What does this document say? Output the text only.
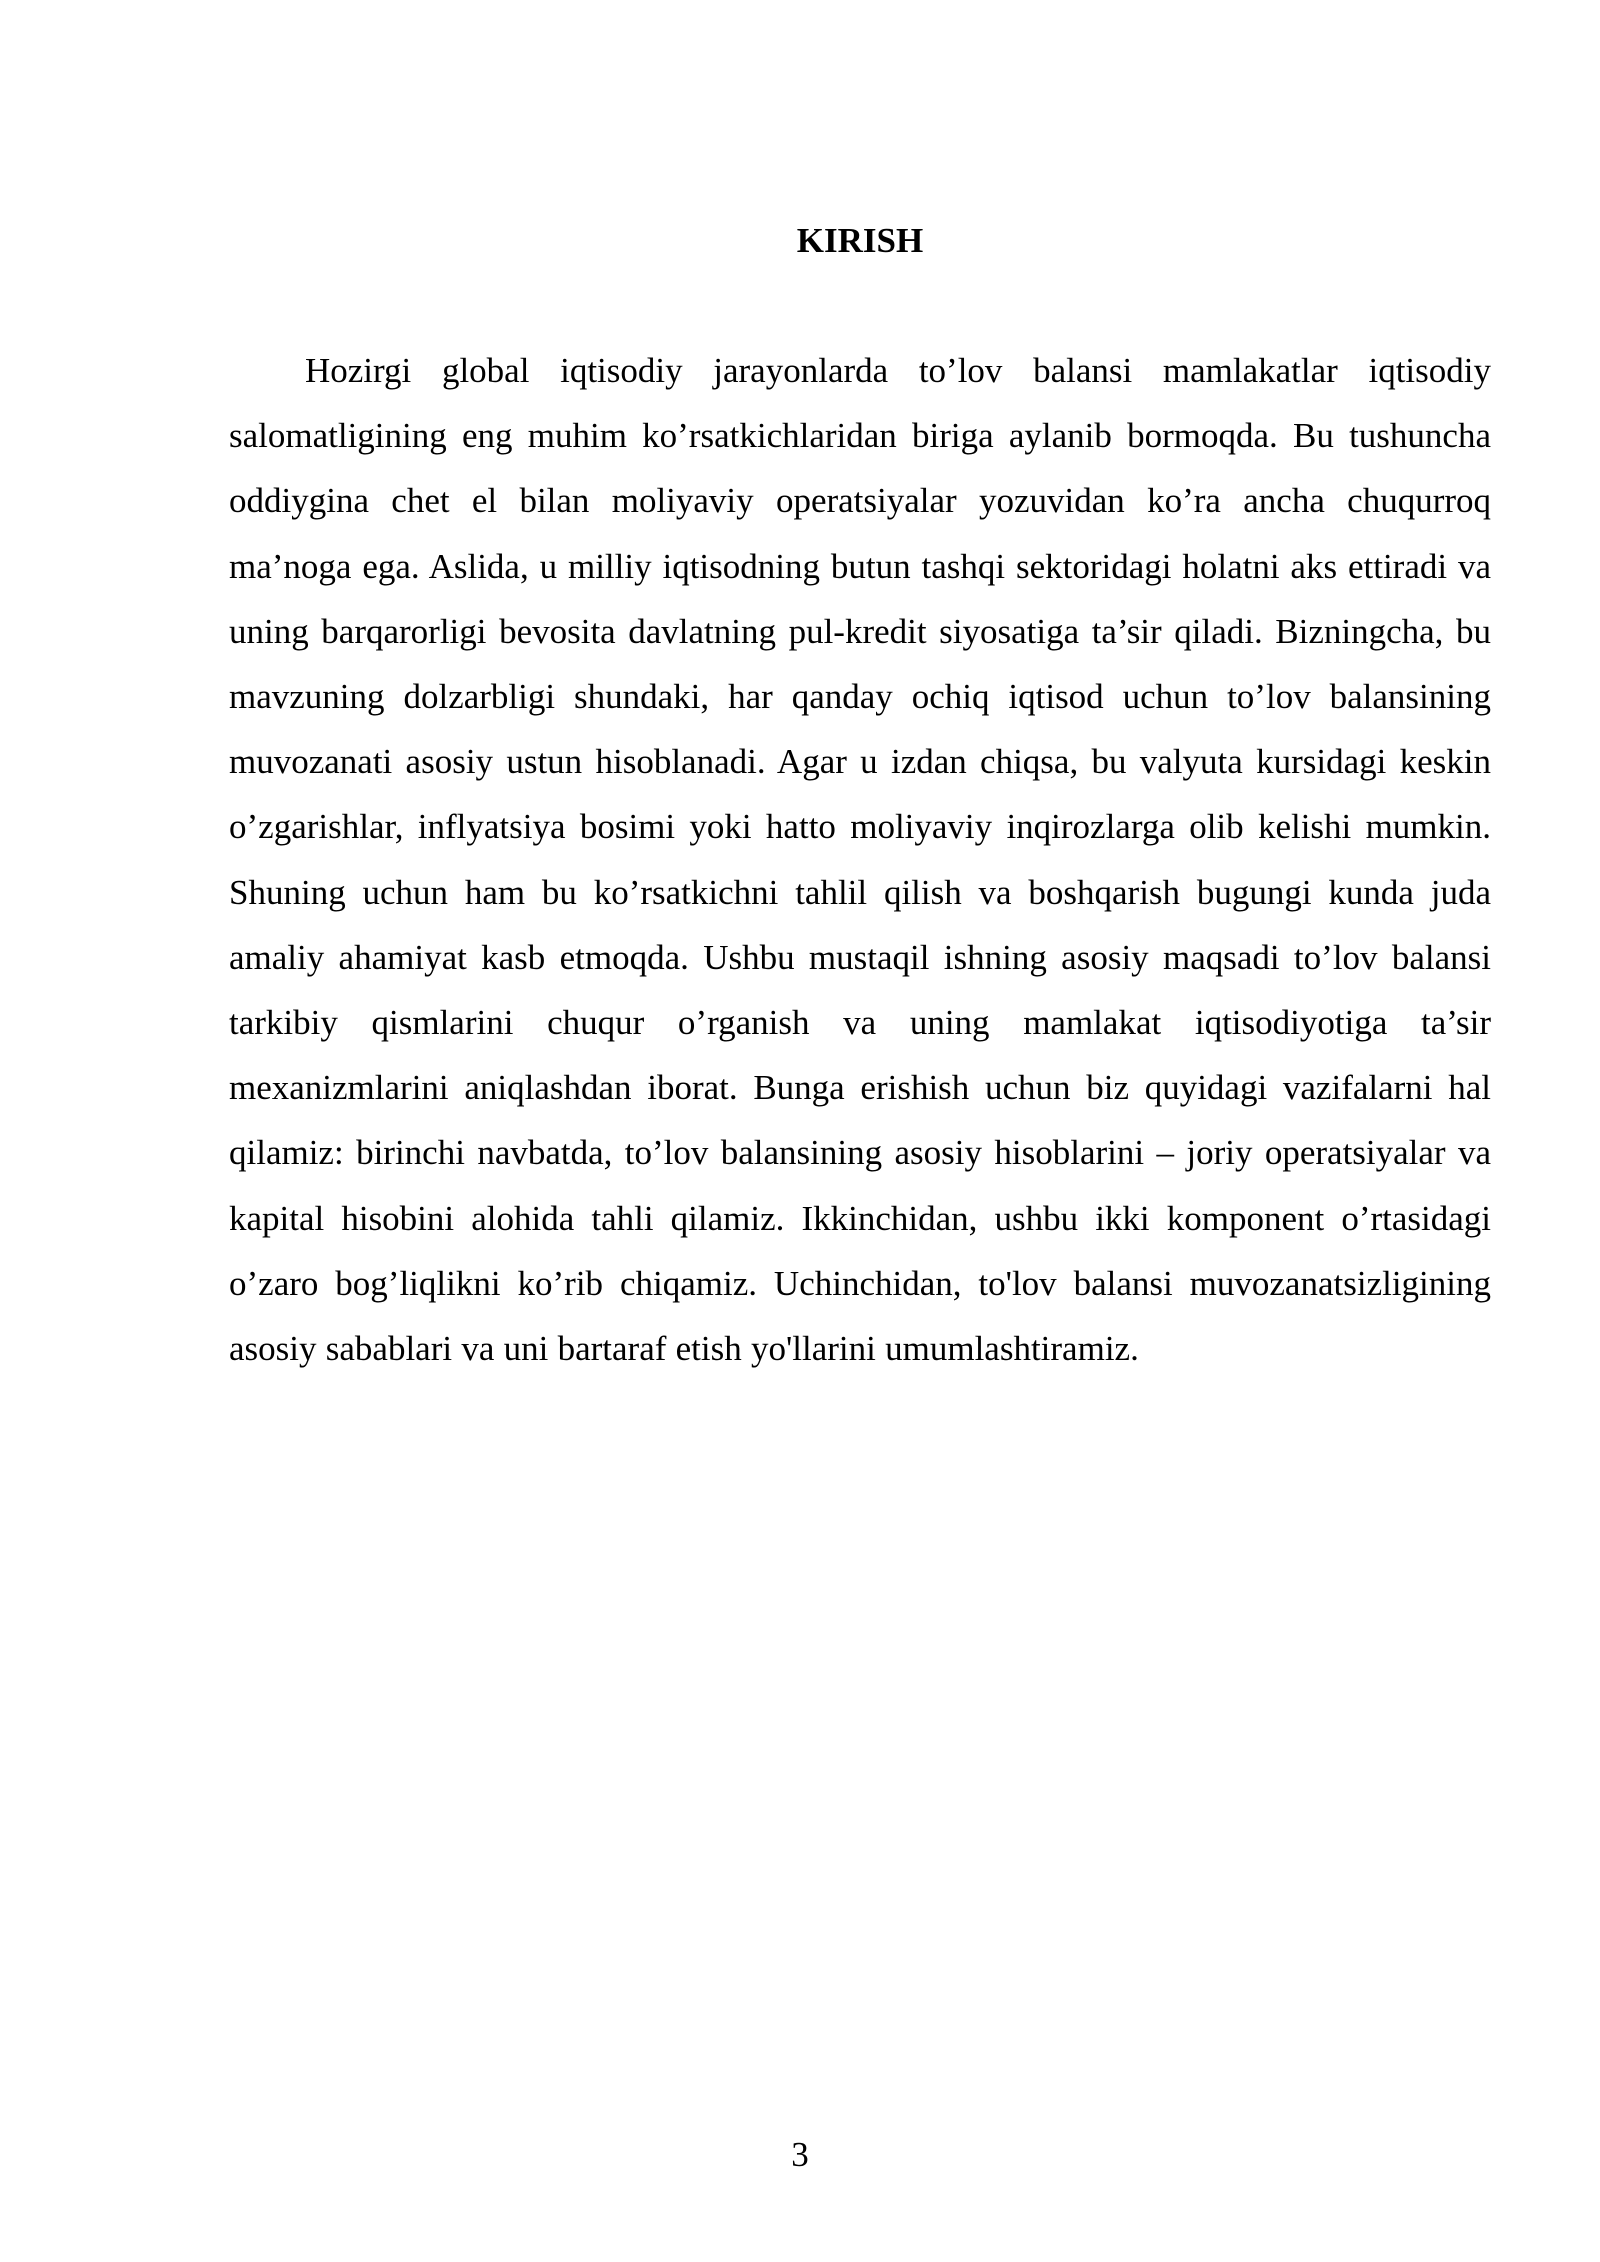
KIRISH

Hozirgi global iqtisodiy jarayonlarda to’lov balansi mamlakatlar iqtisodiy salomatligining eng muhim ko’rsatkichlaridan biriga aylanib bormoqda. Bu tushuncha oddiygina chet el bilan moliyaviy operatsiyalar yozuvidan ko’ra ancha chuqurroq ma’noga ega. Aslida, u milliy iqtisodning butun tashqi sektoridagi holatni aks ettiradi va uning barqarorligi bevosita davlatning pul-kredit siyosatiga ta’sir qiladi. Bizningcha, bu mavzuning dolzarbligi shundaki, har qanday ochiq iqtisod uchun to’lov balansining muvozanati asosiy ustun hisoblanadi. Agar u izdan chiqsa, bu valyuta kursidagi keskin o’zgarishlar, inflyatsiya bosimi yoki hatto moliyaviy inqirozlarga olib kelishi mumkin. Shuning uchun ham bu ko’rsatkichni tahlil qilish va boshqarish bugungi kunda juda amaliy ahamiyat kasb etmoqda. Ushbu mustaqil ishning asosiy maqsadi to’lov balansi tarkibiy qismlarini chuqur o’rganish va uning mamlakat iqtisodiyotiga ta’sir mexanizmlarini aniqlashdan iborat. Bunga erishish uchun biz quyidagi vazifalarni hal qilamiz: birinchi navbatda, to’lov balansining asosiy hisoblarini – joriy operatsiyalar va kapital hisobini alohida tahli qilamiz. Ikkinchidan, ushbu ikki komponent o’rtasidagi o’zaro bog’liqlikni ko’rib chiqamiz. Uchinchidan, to'lov balansi muvozanatsizligining asosiy sabablari va uni bartaraf etish yo'llarini umumlashtiramiz.

3
